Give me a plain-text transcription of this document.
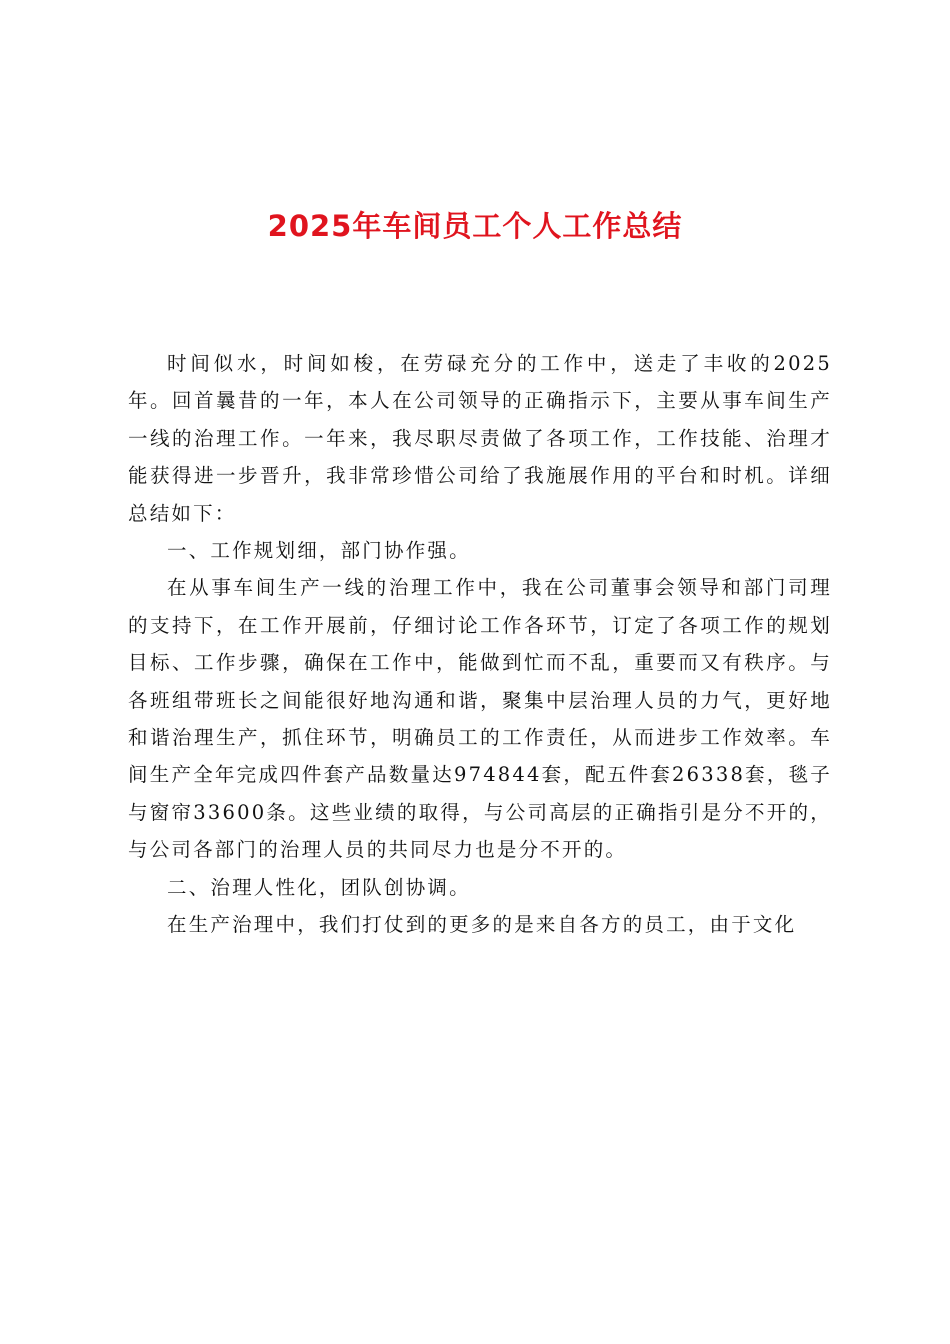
2025年车间员工个人工作总结

时间似水，时间如梭，在劳碌充分的工作中，送走了丰收的2025年。回首曩昔的一年，本人在公司领导的正确指示下，主要从事车间生产一线的治理工作。一年来，我尽职尽责做了各项工作，工作技能、治理才能获得进一步晋升，我非常珍惜公司给了我施展作用的平台和时机。详细总结如下：

一、工作规划细，部门协作强。

在从事车间生产一线的治理工作中，我在公司董事会领导和部门司理的支持下，在工作开展前，仔细讨论工作各环节，订定了各项工作的规划目标、工作步骤，确保在工作中，能做到忙而不乱，重要而又有秩序。与各班组带班长之间能很好地沟通和谐，聚集中层治理人员的力气，更好地和谐治理生产，抓住环节，明确员工的工作责任，从而进步工作效率。车间生产全年完成四件套产品数量达974844套，配五件套26338套，毯子与窗帘33600条。这些业绩的取得，与公司高层的正确指引是分不开的，与公司各部门的治理人员的共同尽力也是分不开的。

二、治理人性化，团队创协调。

在生产治理中，我们打仗到的更多的是来自各方的员工，由于文化
